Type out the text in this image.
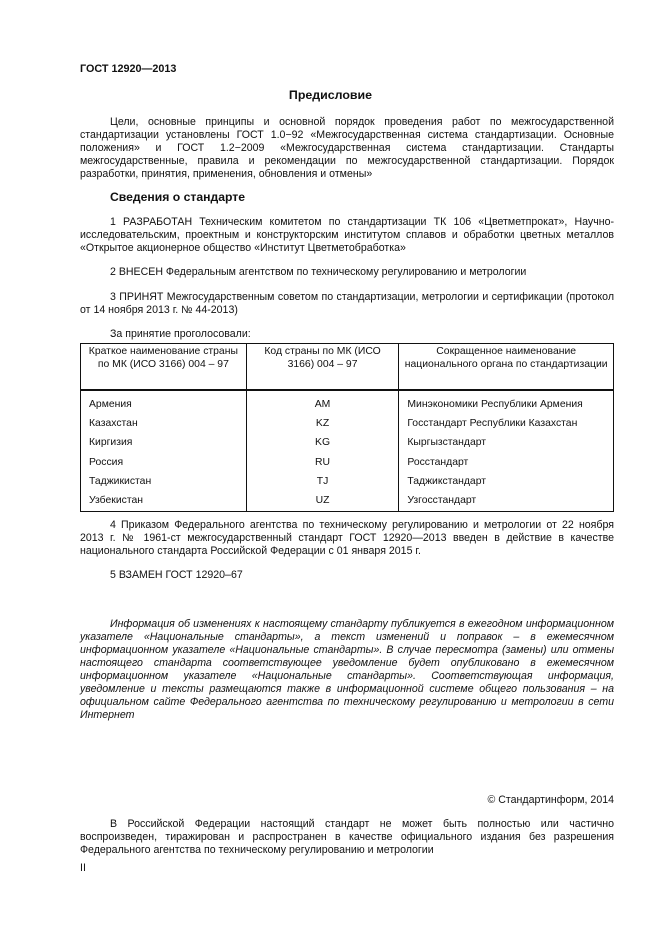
ГОСТ 12920—2013
Предисловие
Цели, основные принципы и основной порядок проведения работ по межгосударственной стандартизации установлены ГОСТ 1.0−92 «Межгосударственная система стандартизации. Основные положения» и ГОСТ 1.2−2009 «Межгосударственная система стандартизации. Стандарты межгосударственные, правила и рекомендации по межгосударственной стандартизации. Порядок разработки, принятия, применения, обновления и отмены»
Сведения о стандарте
1 РАЗРАБОТАН Техническим комитетом по стандартизации ТК 106 «Цветметпрокат», Научно-исследовательским, проектным и конструкторским институтом сплавов и обработки цветных металлов «Открытое акционерное общество «Институт Цветметобработка»
2 ВНЕСЕН Федеральным агентством по техническому регулированию и метрологии
3 ПРИНЯТ Межгосударственным советом по стандартизации, метрологии и сертификации (протокол от 14 ноября 2013 г. № 44-2013)
За принятие проголосовали:
Краткое наименование страны по МК (ИСО 3166) 004 – 97	Код страны по МК (ИСО 3166) 004 – 97	Сокращенное наименование национального органа по стандартизации
Армения	AM	Минэкономики Республики Армения
Казахстан	KZ	Госстандарт Республики Казахстан
Киргизия	KG	Кыргызстандарт
Россия	RU	Росстандарт
Таджикистан	TJ	Таджикстандарт
Узбекистан	UZ	Узгосстандарт
4 Приказом Федерального агентства по техническому регулированию и метрологии от 22 ноября 2013 г. № 1961-ст межгосударственный стандарт ГОСТ 12920—2013 введен в действие в качестве национального стандарта Российской Федерации с 01 января 2015 г.
5 ВЗАМЕН ГОСТ 12920–67
Информация об изменениях к настоящему стандарту публикуется в ежегодном информационном указателе «Национальные стандарты», а текст изменений и поправок – в ежемесячном информационном указателе «Национальные стандарты». В случае пересмотра (замены) или отмены настоящего стандарта соответствующее уведомление будет опубликовано в ежемесячном информационном указателе «Национальные стандарты». Соответствующая информация, уведомление и тексты размещаются также в информационной системе общего пользования – на официальном сайте Федерального агентства по техническому регулированию и метрологии в сети Интернет
© Стандартинформ, 2014
В Российской Федерации настоящий стандарт не может быть полностью или частично воспроизведен, тиражирован и распространен в качестве официального издания без разрешения Федерального агентства по техническому регулированию и метрологии
II
